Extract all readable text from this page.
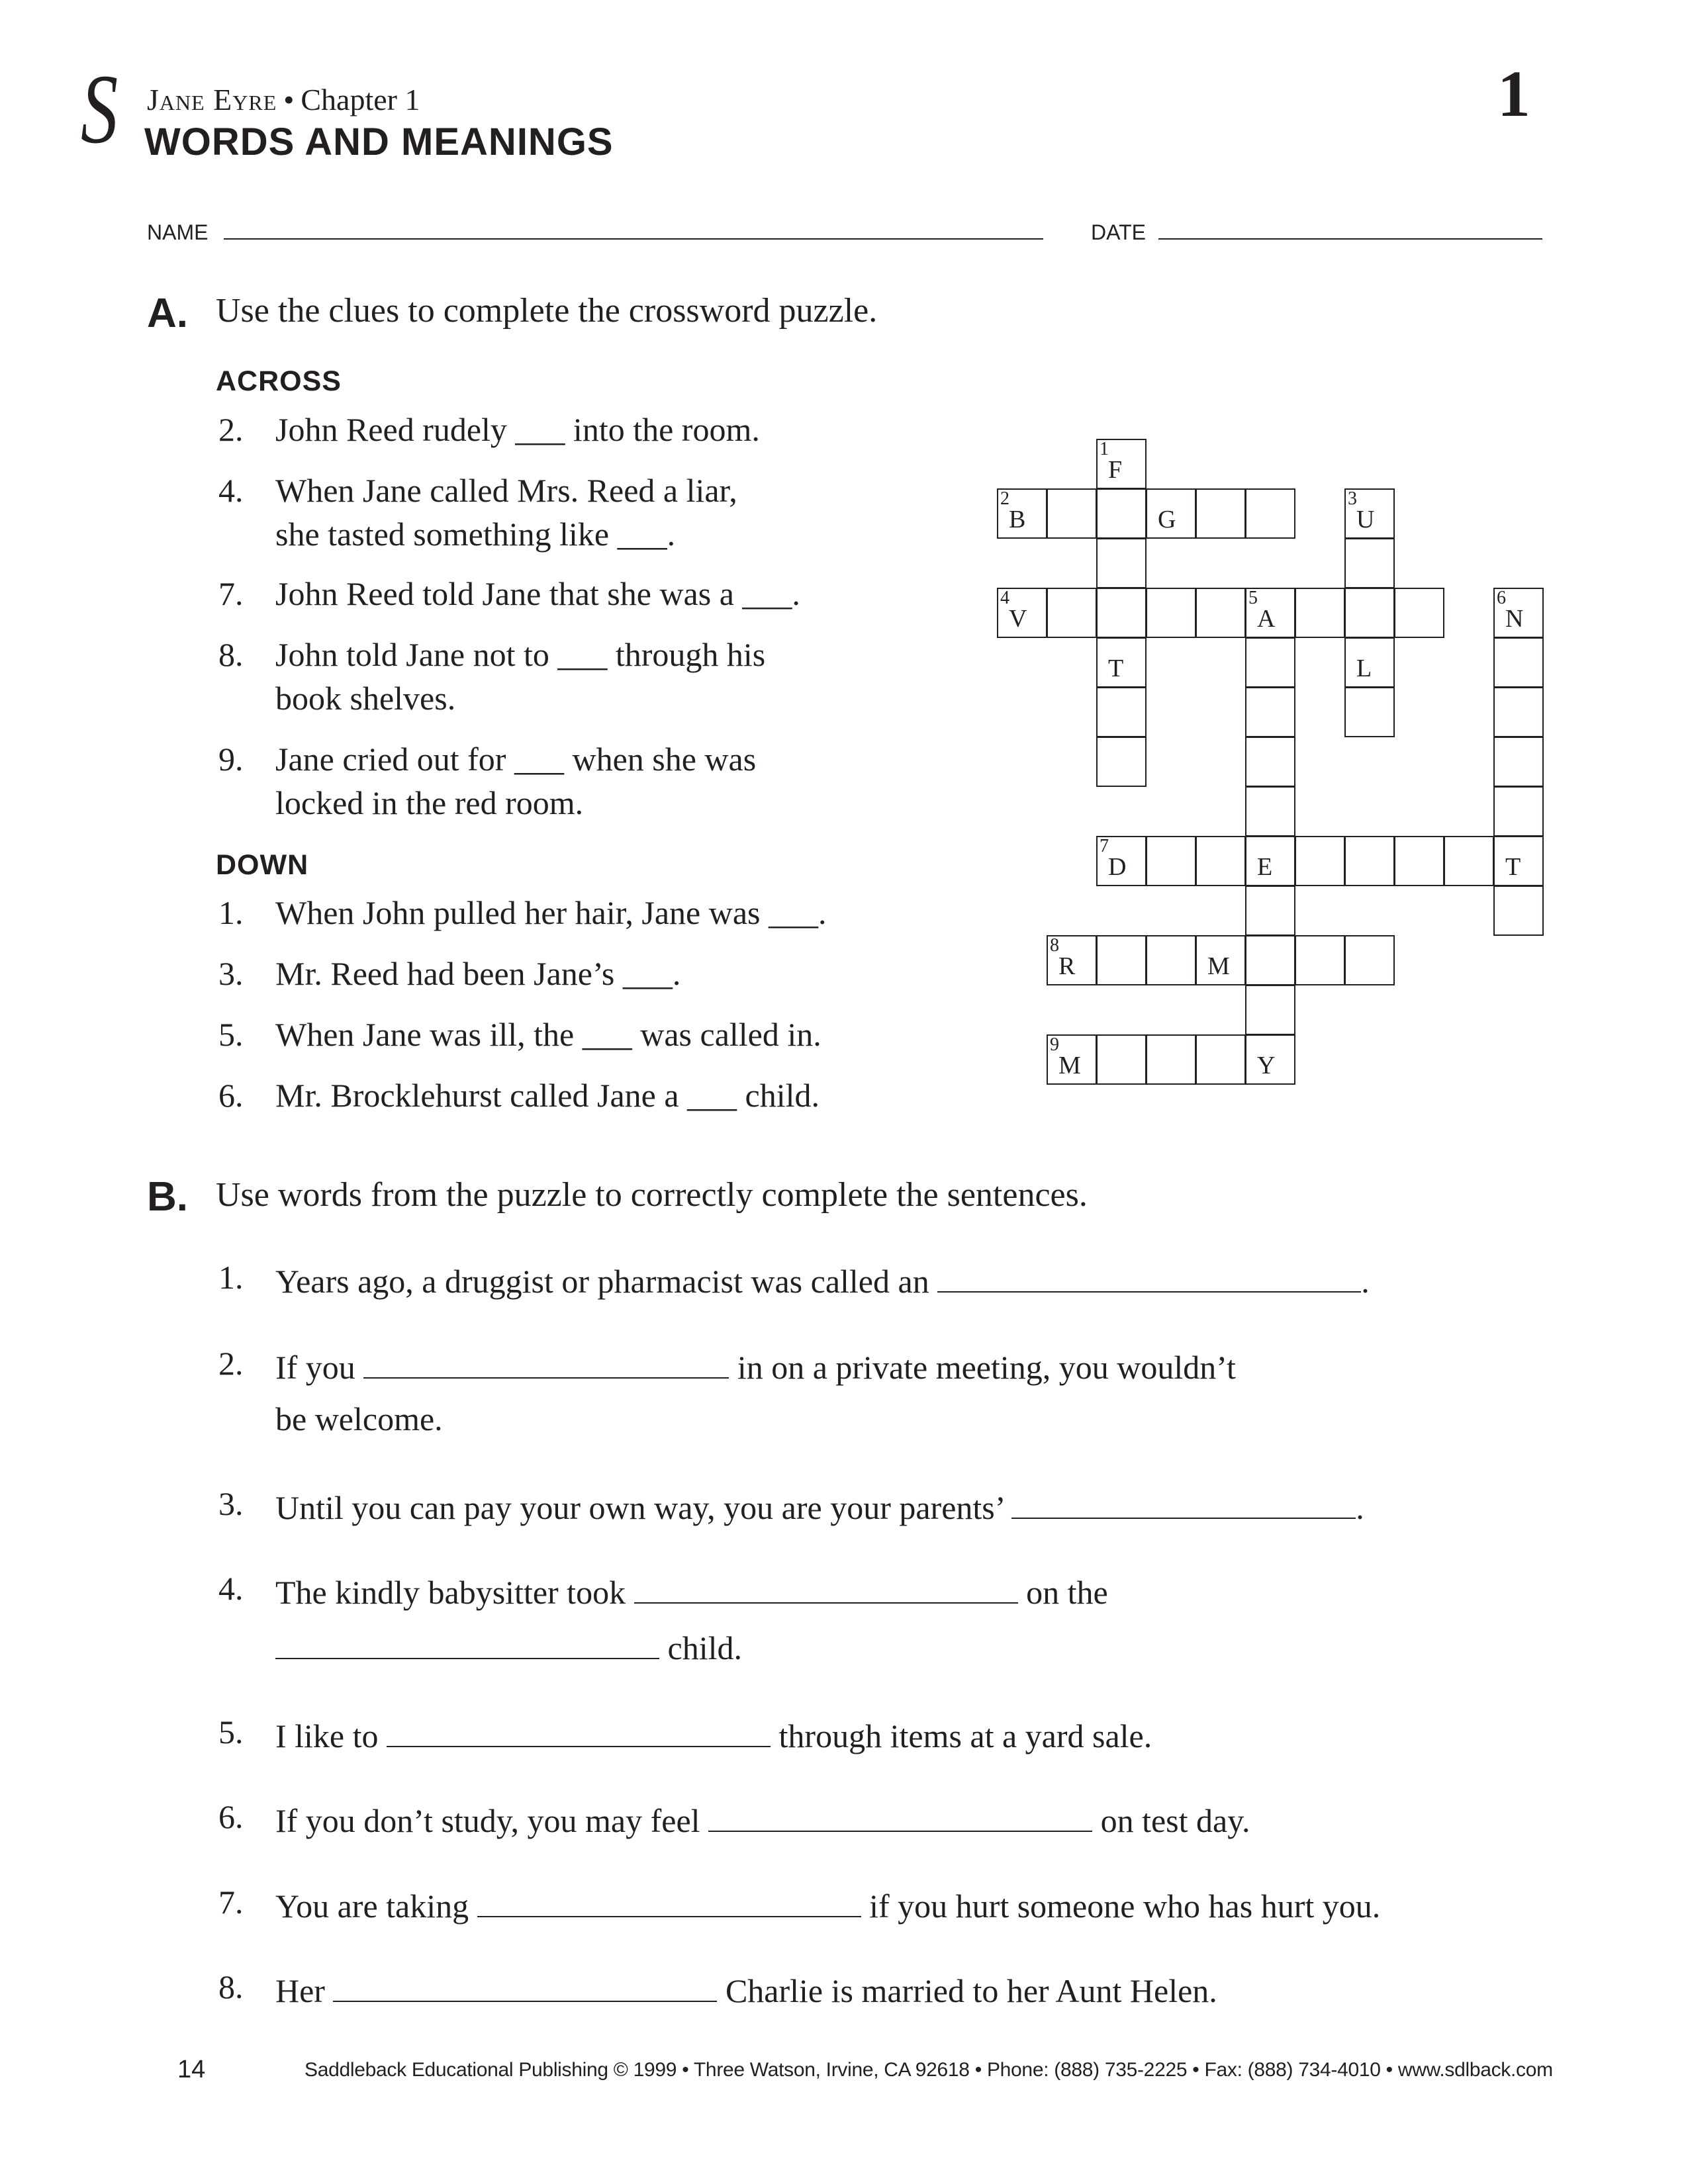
S Jane Eyre • Chapter 1
WORDS AND MEANINGS
1
NAME	DATE
A. Use the clues to complete the crossword puzzle.
ACROSS
2. John Reed rudely ___ into the room.
4. When Jane called Mrs. Reed a liar,
she tasted something like ___.
7. John Reed told Jane that she was a ___.
8. John told Jane not to ___ through his
book shelves.
9. Jane cried out for ___ when she was
locked in the red room.
DOWN
1. When John pulled her hair, Jane was ___.
3. Mr. Reed had been Jane’s ___.
5. When Jane was ill, the ___ was called in.
6. Mr. Brocklehurst called Jane a ___ child.
1
F
T
2
B	G
3
U
L
4
V
5
A
6
N
7
D	E	T
8
R	M
9
M	Y
B. Use words from the puzzle to correctly complete the sentences.
1. Years ago, a druggist or pharmacist was called an	.
2. If you	in on a private meeting, you wouldn’t
be welcome.
3. Until you can pay your own way, you are your parents’	.
4. The kindly babysitter took	on the
child.
5. I like to	through items at a yard sale.
6. If you don’t study, you may feel	on test day.
7. You are taking	if you hurt someone who has hurt you.
8. Her	Charlie is married to her Aunt Helen.
14	Saddleback Educational Publishing © 1999 • Three Watson, Irvine, CA 92618 • Phone: (888) 735-2225 • Fax: (888) 734-4010 • www.sdlback.com
